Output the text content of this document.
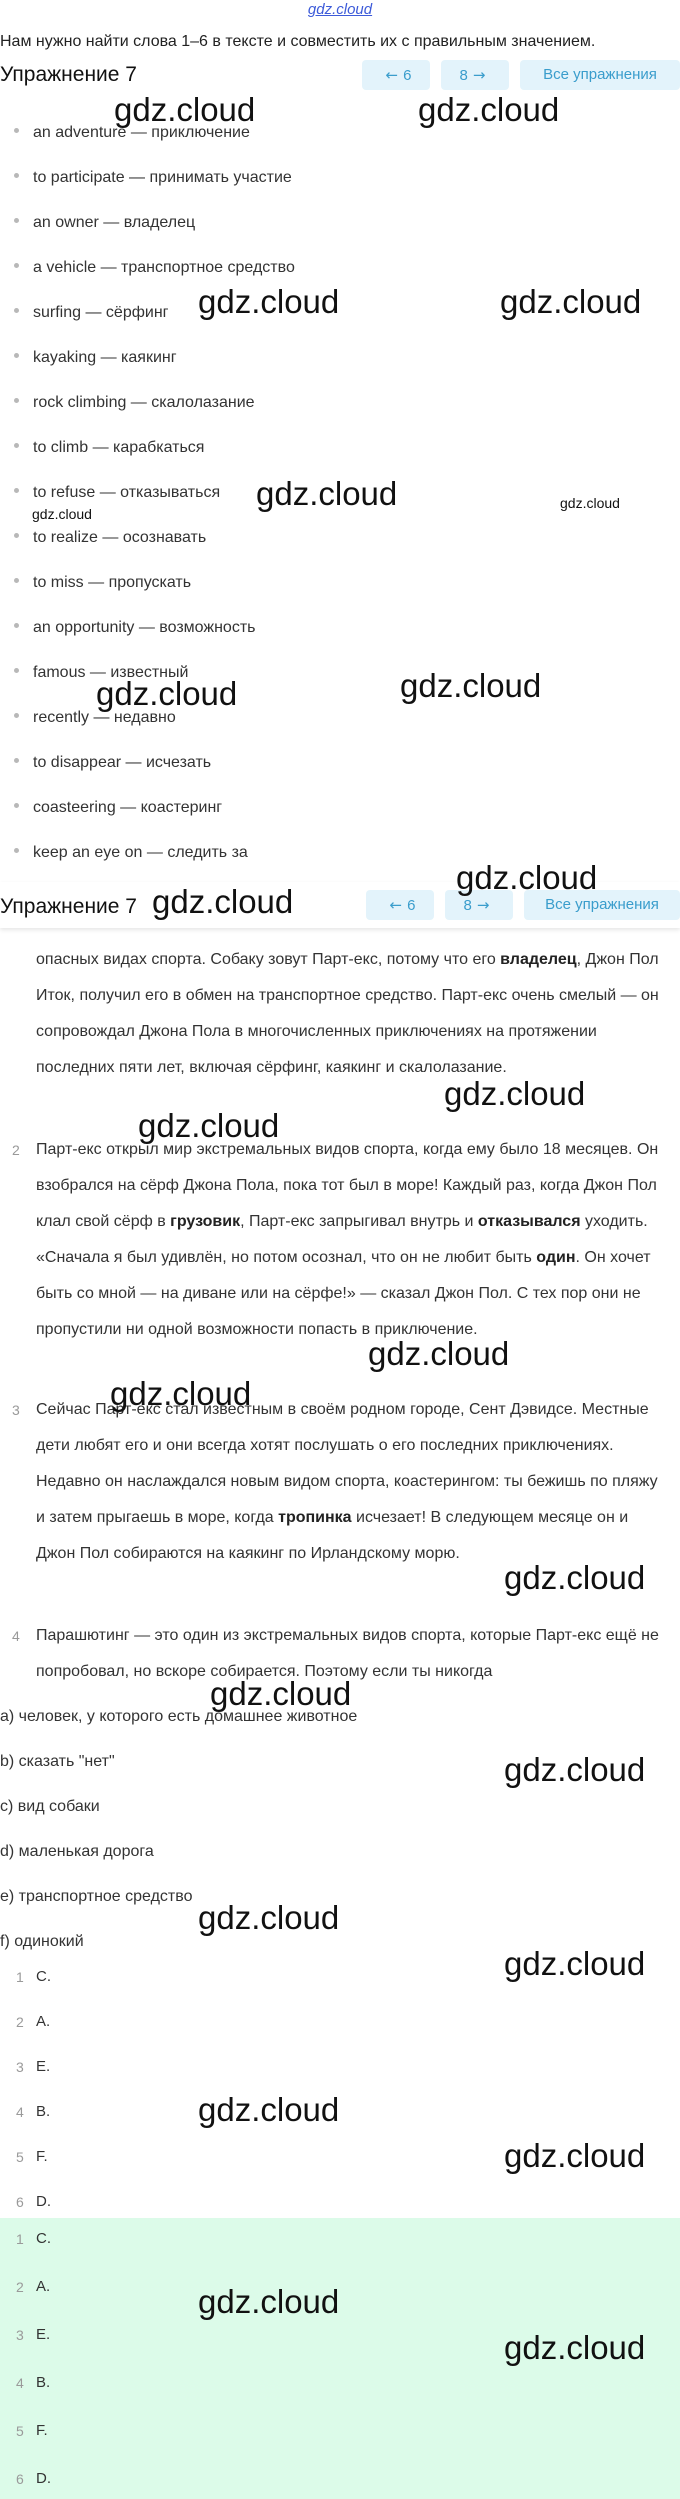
gdz.cloud
Нам нужно найти слова 1–6 в тексте и совместить их с правильным значением.
Упражнение 7	← 6	8 →	Все упражнения
an adventure — приключение
to participate — принимать участие
an owner — владелец
a vehicle — транспортное средство
surfing — сёрфинг
kayaking — каякинг
rock climbing — скалолазание
to climb — карабкаться
to refuse — отказываться
to realize — осознавать
to miss — пропускать
an opportunity — возможность
famous — известный
recently — недавно
to disappear — исчезать
coasteering — коастеринг
keep an eye on — следить за
Упражнение 7	← 6	8 →	Все упражнения
опасных видах спорта. Собаку зовут Парт-екс, потому что его владелец, Джон Пол Иток, получил его в обмен на транспортное средство. Парт-екс очень смелый — он сопровождал Джона Пола в многочисленных приключениях на протяжении последних пяти лет, включая сёрфинг, каякинг и скалолазание.
2 Парт-екс открыл мир экстремальных видов спорта, когда ему было 18 месяцев. Он взобрался на сёрф Джона Пола, пока тот был в море! Каждый раз, когда Джон Пол клал свой сёрф в грузовик, Парт-екс запрыгивал внутрь и отказывался уходить. «Сначала я был удивлён, но потом осознал, что он не любит быть один. Он хочет быть со мной — на диване или на сёрфе!» — сказал Джон Пол. С тех пор они не пропустили ни одной возможности попасть в приключение.
3 Сейчас Парт-екс стал известным в своём родном городе, Сент Дэвидсе. Местные дети любят его и они всегда хотят послушать о его последних приключениях. Недавно он наслаждался новым видом спорта, коастерингом: ты бежишь по пляжу и затем прыгаешь в море, когда тропинка исчезает! В следующем месяце он и Джон Пол собираются на каякинг по Ирландскому морю.
4 Парашютинг — это один из экстремальных видов спорта, которые Парт-екс ещё не попробовал, но вскоре собирается. Поэтому если ты никогда
a) человек, у которого есть домашнее животное
b) сказать "нет"
c) вид собаки
d) маленькая дорога
e) транспортное средство
f) одинокий
1 C.
2 A.
3 E.
4 B.
5 F.
6 D.
1 C.
2 A.
3 E.
4 B.
5 F.
6 D.
gdz.cloud	gdz.cloud
gdz.cloud	gdz.cloud
gdz.cloud
gdz.cloud
gdz.cloud
gdz.cloud	gdz.cloud
gdz.cloud
gdz.cloud
gdz.cloud
gdz.cloud
gdz.cloud
gdz.cloud
gdz.cloud
gdz.cloud
gdz.cloud
gdz.cloud
gdz.cloud
gdz.cloud
gdz.cloud
gdz.cloud
gdz.cloud
